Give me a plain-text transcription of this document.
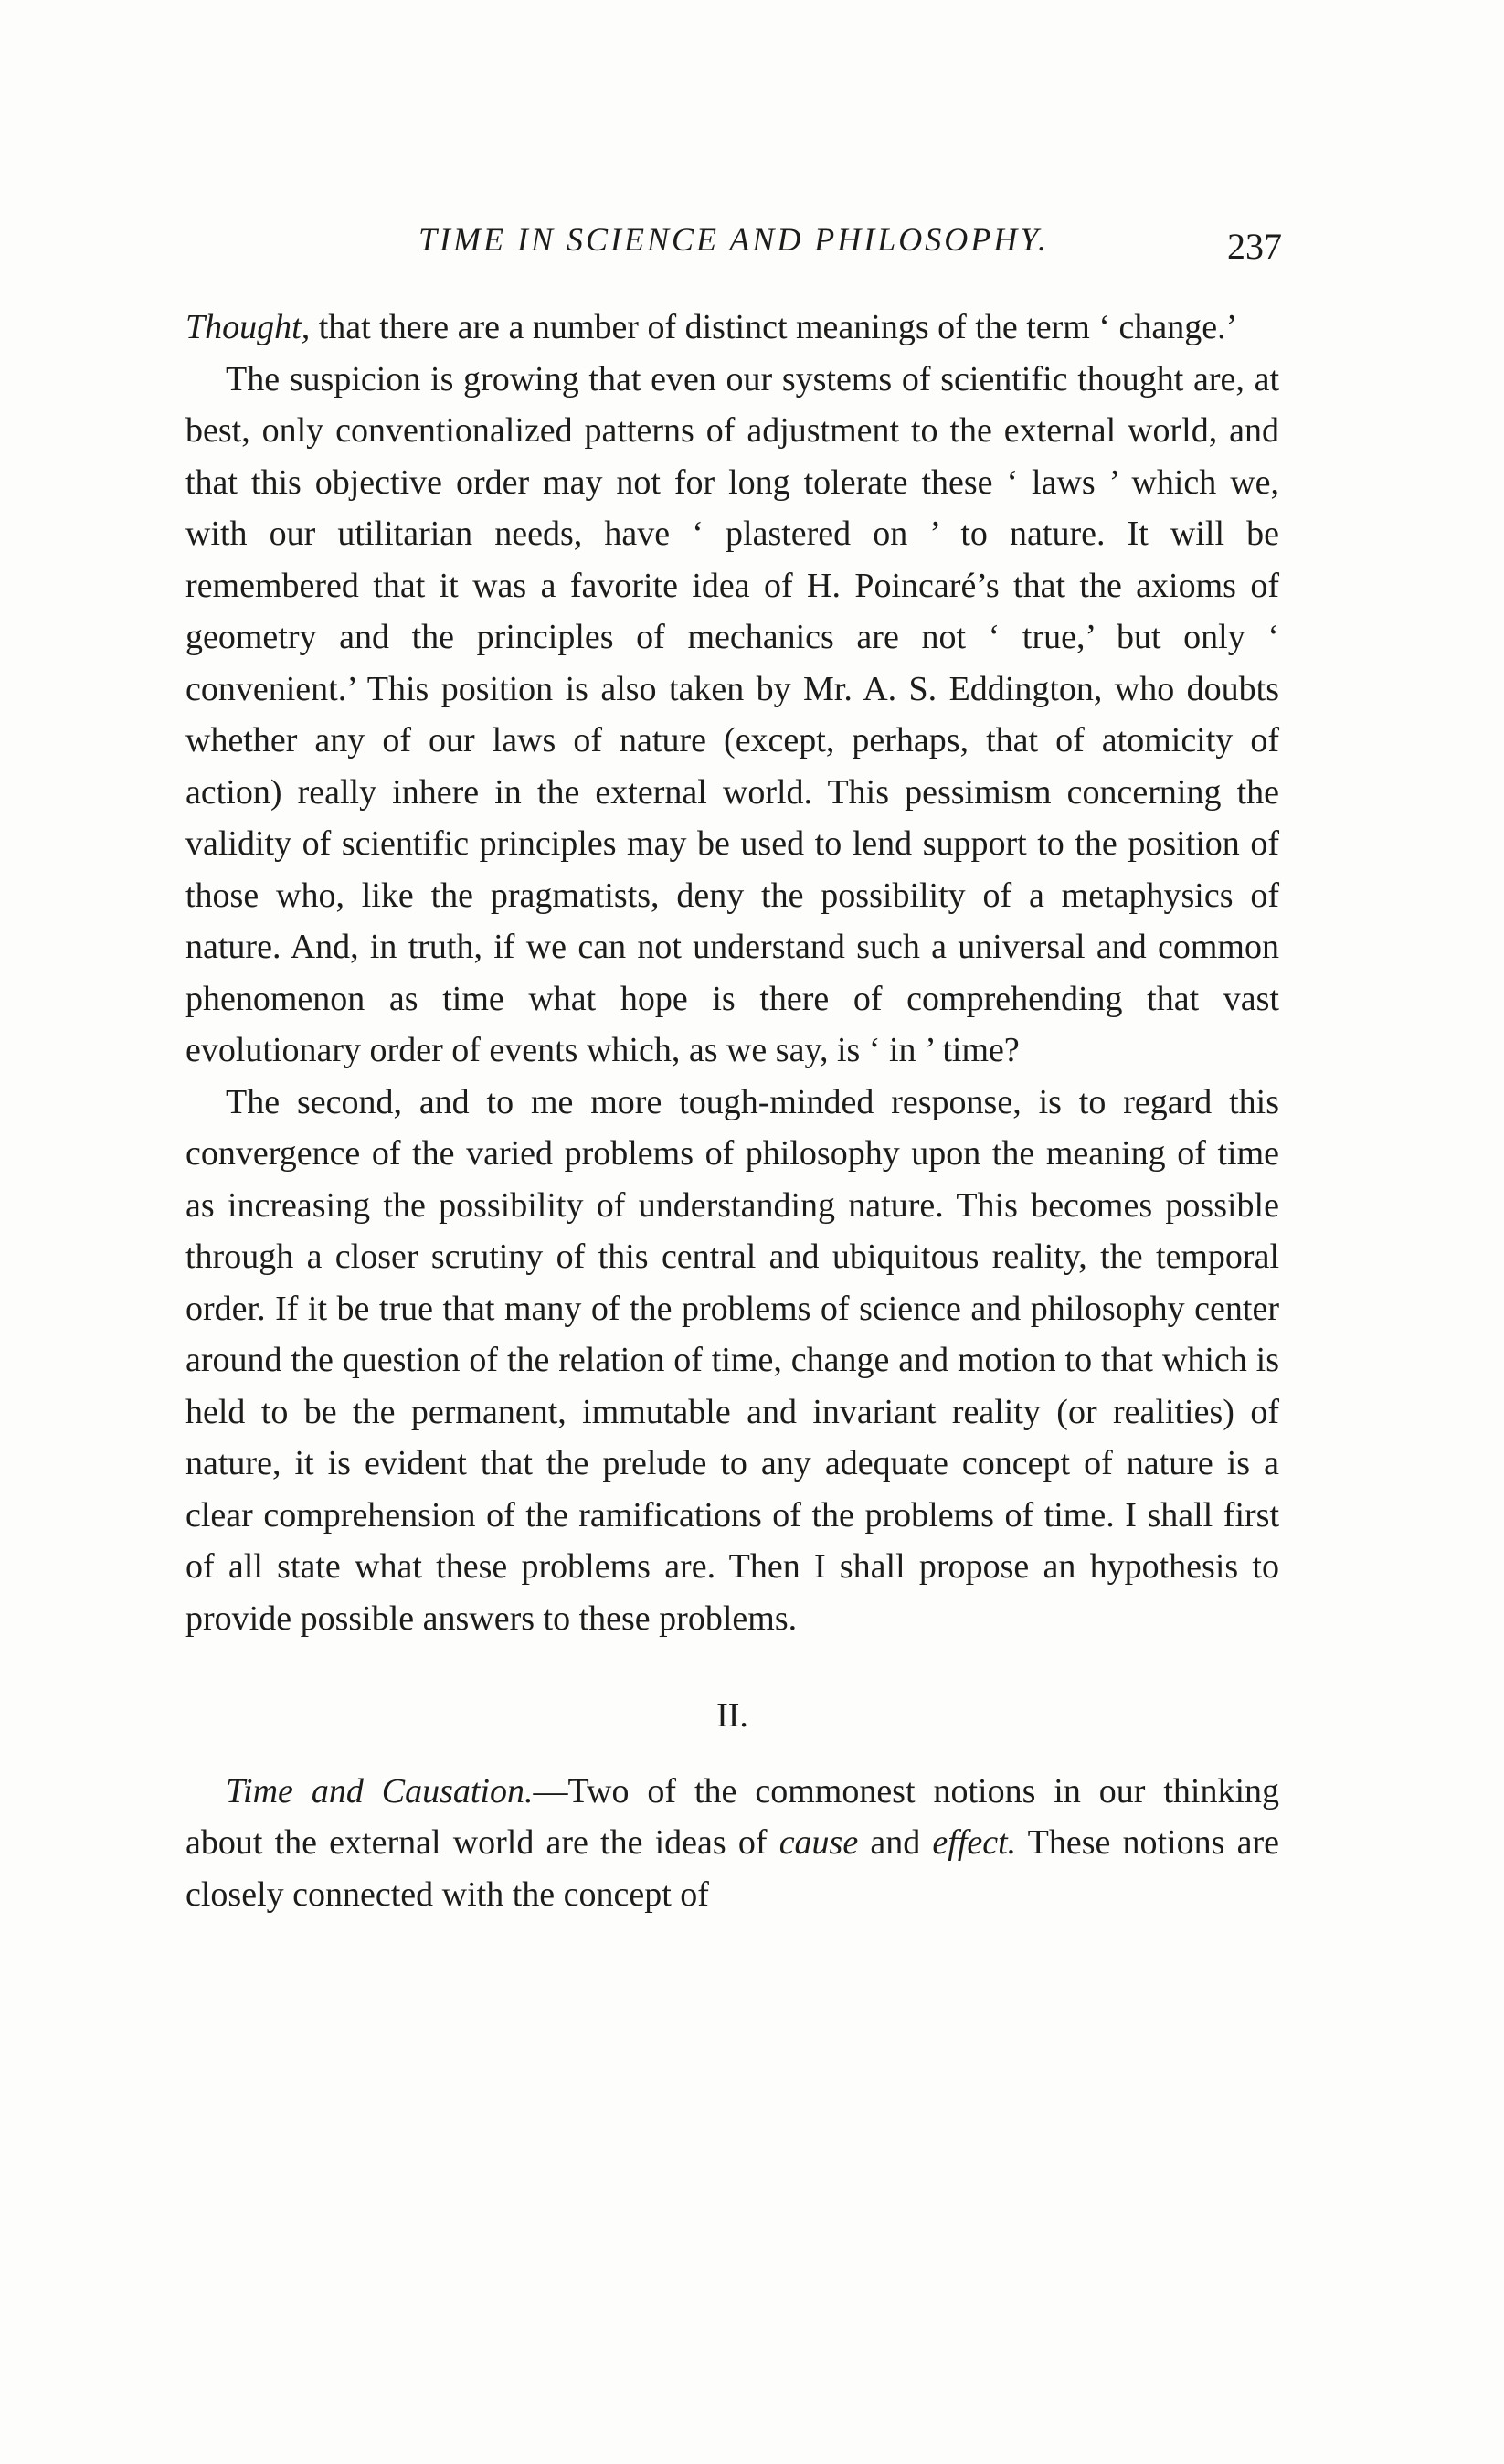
TIME IN SCIENCE AND PHILOSOPHY.	237

Thought, that there are a number of distinct meanings of the term ‘ change.’

The suspicion is growing that even our systems of scientific thought are, at best, only conventionalized patterns of adjustment to the external world, and that this objective order may not for long tolerate these ‘ laws ’ which we, with our utilitarian needs, have ‘ plastered on ’ to nature. It will be remembered that it was a favorite idea of H. Poincaré’s that the axioms of geometry and the principles of mechanics are not ‘ true,’ but only ‘ convenient.’ This position is also taken by Mr. A. S. Eddington, who doubts whether any of our laws of nature (except, perhaps, that of atomicity of action) really inhere in the external world. This pessimism concerning the validity of scientific principles may be used to lend support to the position of those who, like the pragmatists, deny the possibility of a metaphysics of nature. And, in truth, if we can not understand such a universal and common phenomenon as time what hope is there of comprehending that vast evolutionary order of events which, as we say, is ‘ in ’ time?

The second, and to me more tough-minded response, is to regard this convergence of the varied problems of philosophy upon the meaning of time as increasing the possibility of understanding nature. This becomes possible through a closer scrutiny of this central and ubiquitous reality, the temporal order. If it be true that many of the problems of science and philosophy center around the question of the relation of time, change and motion to that which is held to be the permanent, immutable and invariant reality (or realities) of nature, it is evident that the prelude to any adequate concept of nature is a clear comprehension of the ramifications of the problems of time. I shall first of all state what these problems are. Then I shall propose an hypothesis to provide possible answers to these problems.

II.

Time and Causation.—Two of the commonest notions in our thinking about the external world are the ideas of cause and effect. These notions are closely connected with the concept of
